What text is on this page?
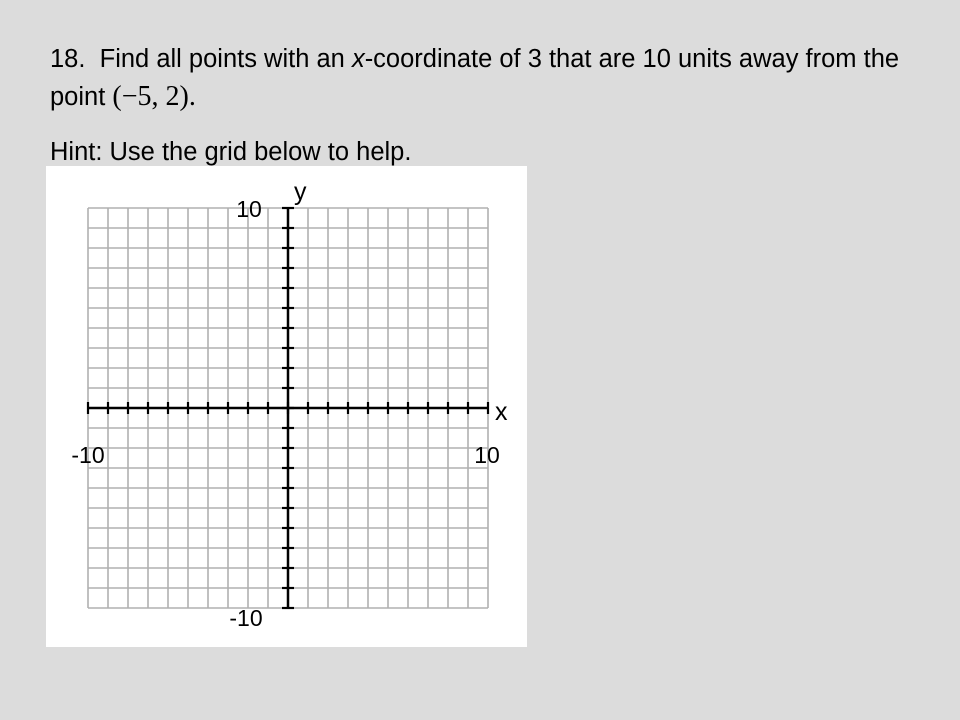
18. Find all points with an x-coordinate of 3 that are 10 units away from the point (−5, 2).
Hint: Use the grid below to help.
y
x
10
-10
-10	10
